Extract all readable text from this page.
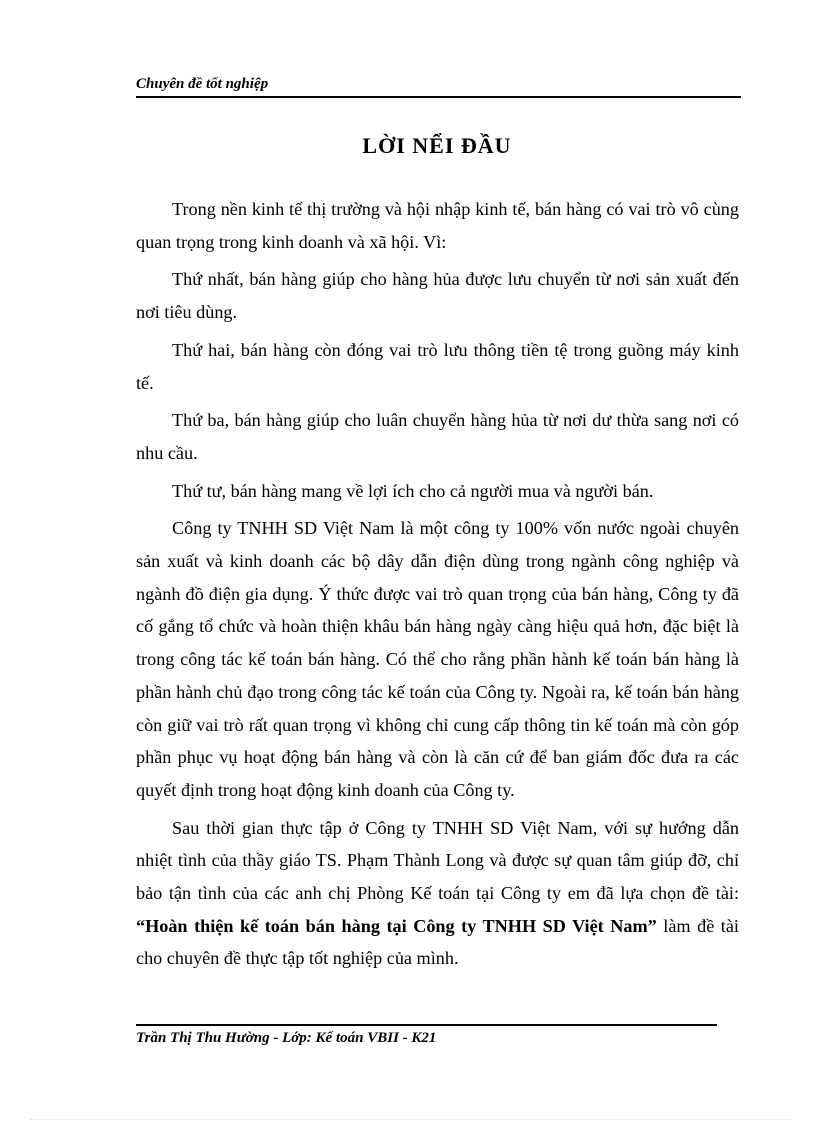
Chuyên đề tốt nghiệp
LỜI NỂI ĐẦU

Trong nền kinh tế thị trường và hội nhập kinh tế, bán hàng có vai trò vô cùng quan trọng trong kinh doanh và xã hội. Vì:

Thứ nhất, bán hàng giúp cho hàng hủa được lưu chuyển từ nơi sản xuất đến nơi tiêu dùng.

Thứ hai, bán hàng còn đóng vai trò lưu thông tiền tệ trong guồng máy kinh tế.

Thứ ba, bán hàng giúp cho luân chuyển hàng hủa từ nơi dư thừa sang nơi có nhu cầu.

Thứ tư, bán hàng mang về lợi ích cho cả người mua và người bán.

Công ty TNHH SD Việt Nam là một công ty 100% vốn nước ngoài chuyên sản xuất và kinh doanh các bộ dây dẫn điện dùng trong ngành công nghiệp và ngành đồ điện gia dụng. Ý thức được vai trò quan trọng của bán hàng, Công ty đã cố gắng tổ chức và hoàn thiện khâu bán hàng ngày càng hiệu quả hơn, đặc biệt là trong công tác kế toán bán hàng. Có thể cho rằng phần hành kế toán bán hàng là phần hành chủ đạo trong công tác kế toán của Công ty. Ngoài ra, kế toán bán hàng còn giữ vai trò rất quan trọng vì không chỉ cung cấp thông tin kế toán mà còn góp phần phục vụ hoạt động bán hàng và còn là căn cứ để ban giám đốc đưa ra các quyết định trong hoạt động kinh doanh của Công ty.

Sau thời gian thực tập ở Công ty TNHH SD Việt Nam, với sự hướng dẫn nhiệt tình của thầy giáo TS. Phạm Thành Long và được sự quan tâm giúp đỡ, chỉ bảo tận tình của các anh chị Phòng Kế toán tại Công ty em đã lựa chọn đề tài: “Hoàn thiện kế toán bán hàng tại Công ty TNHH SD Việt Nam” làm đề tài cho chuyên đề thực tập tốt nghiệp của mình.

Trần Thị Thu Hường - Lớp: Kế toán VBII - K21
